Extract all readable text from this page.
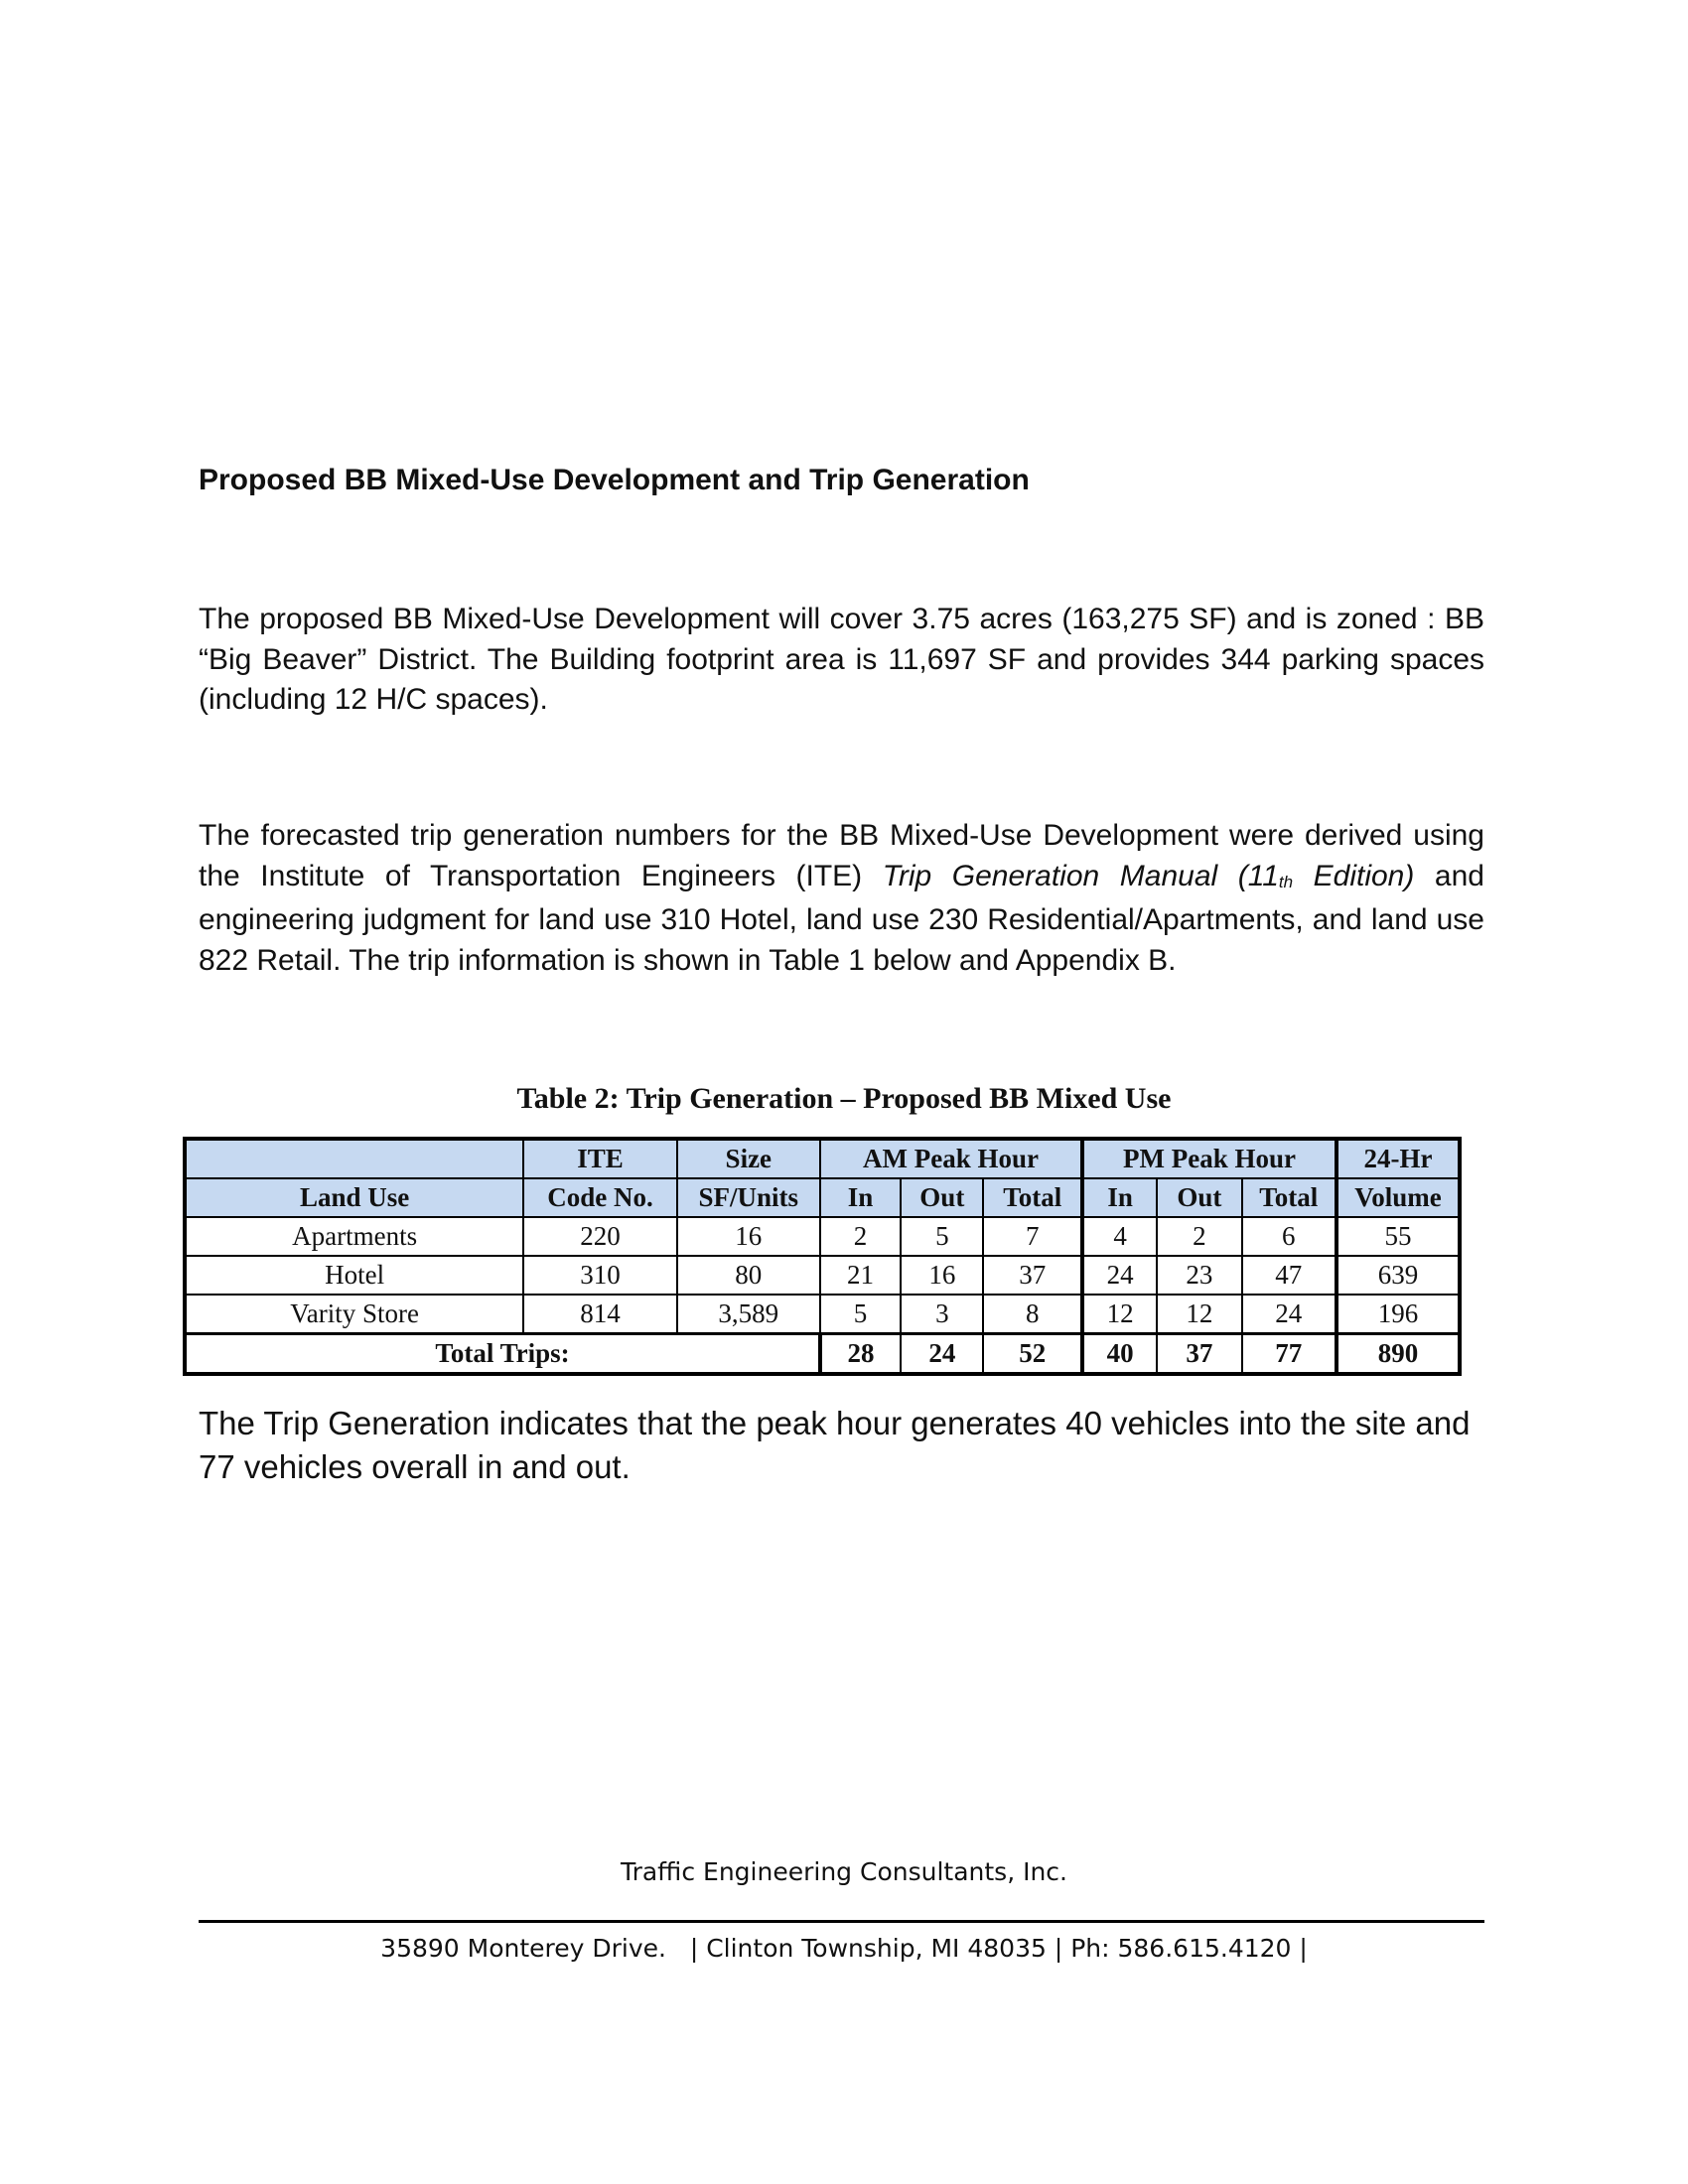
Proposed BB Mixed-Use Development and Trip Generation

The proposed BB Mixed-Use Development will cover 3.75 acres (163,275 SF) and is zoned : BB “Big Beaver” District. The Building footprint area is 11,697 SF and provides 344 parking spaces (including 12 H/C spaces).

The forecasted trip generation numbers for the BB Mixed-Use Development were derived using the Institute of Transportation Engineers (ITE) Trip Generation Manual (11th Edition) and engineering judgment for land use 310 Hotel, land use 230 Residential/Apartments, and land use 822 Retail. The trip information is shown in Table 1 below and Appendix B.

Table 2: Trip Generation – Proposed BB Mixed Use
	ITE	Size	AM Peak Hour			PM Peak Hour			24-Hr
Land Use	Code No.	SF/Units	In	Out	Total	In	Out	Total	Volume
Apartments	220	16	2	5	7	4	2	6	55
Hotel	310	80	21	16	37	24	23	47	639
Varity Store	814	3,589	5	3	8	12	12	24	196
Total Trips:			28	24	52	40	37	77	890

The Trip Generation indicates that the peak hour generates 40 vehicles into the site and 77 vehicles overall in and out.

Traffic Engineering Consultants, Inc.
35890 Monterey Drive.   | Clinton Township, MI 48035 | Ph: 586.615.4120 |
